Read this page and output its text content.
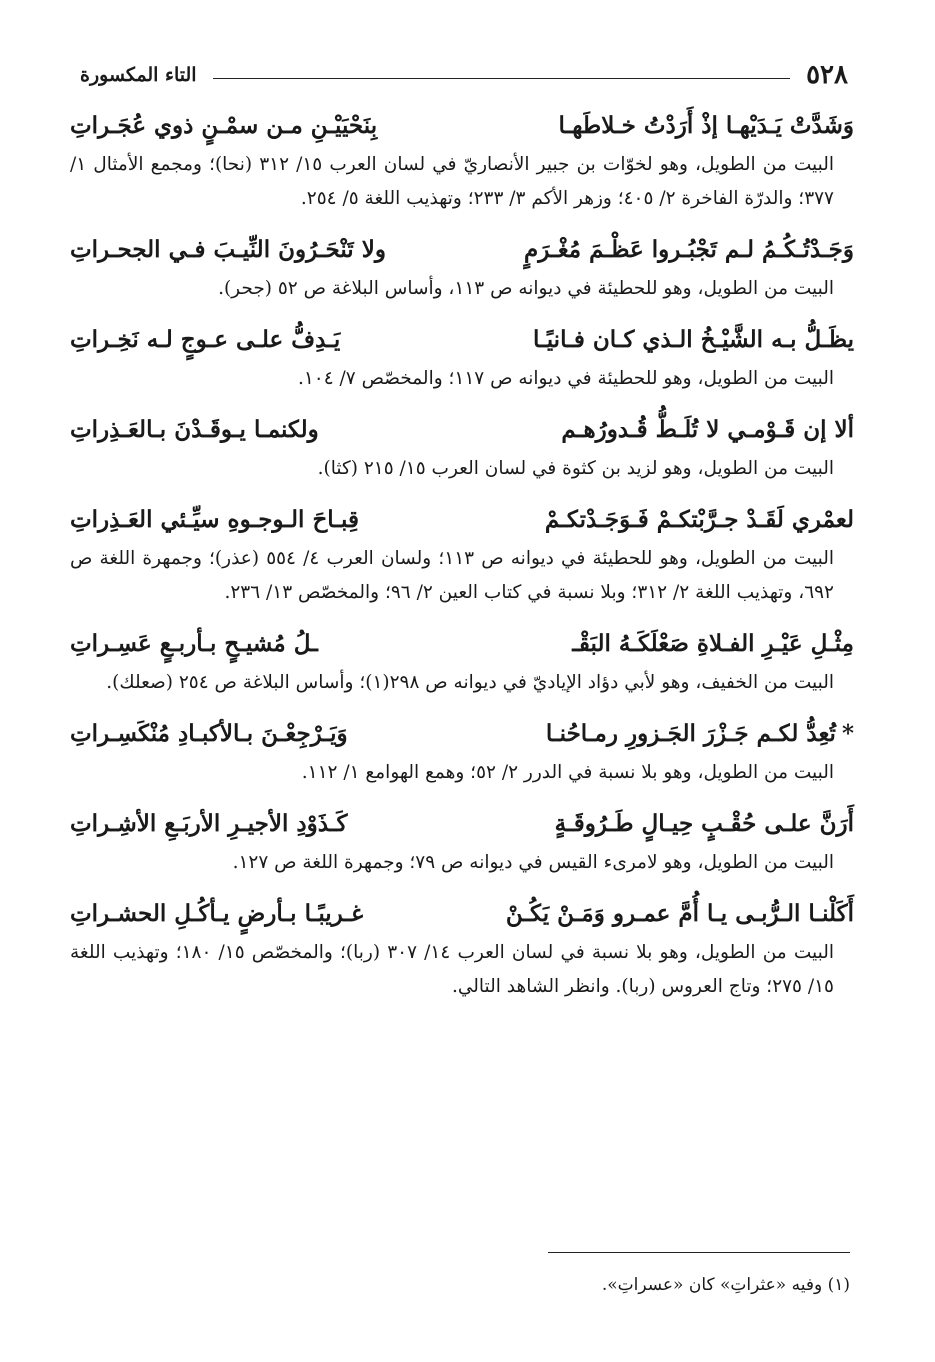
٥٢٨
التاء المكسورة
وَشَدَّتْ يَـدَيْهـا إذْ أَرَدْتُ خـلاطَهـا
بِنَحْيَيْـنِ مـن سمْـنٍ ذوي عُجَـراتِ
البيت من الطويل، وهو لخوّات بن جبير الأنصاريّ في لسان العرب ١٥/ ٣١٢ (نحا)؛ ومجمع الأمثال ١/ ٣٧٧؛ والدرّة الفاخرة ٢/ ٤٠٥؛ وزهر الأكم ٣/ ٢٣٣؛ وتهذيب اللغة ٥/ ٢٥٤.
وَجَـدْتُـكُـمُ لـم تَجْبُـروا عَظْـمَ مُغْـرَمٍ
ولا تَنْحَـرُونَ النِّيـبَ فـي الجحـراتِ
البيت من الطويل، وهو للحطيئة في ديوانه ص ١١٣، وأساس البلاغة ص ٥٢ (جحر).
يظَـلُّ بـه الشَّيْـخُ الـذي كـان فـانيًـا
يَـدِفُّ علـى عـوجٍ لـه نَخِـراتِ
البيت من الطويل، وهو للحطيئة في ديوانه ص ١١٧؛ والمخصّص ٧/ ١٠٤.
ألا إن قَـوْمـي لا تُلَـطُّ قُـدورُهـم
ولكنمـا يـوقَـدْنَ بـالعَـذِراتِ
البيت من الطويل، وهو لزيد بن كثوة في لسان العرب ١٥/ ٢١٥ (كثا).
لعمْري لَقَـدْ جـرَّبْتكـمْ فَـوَجَـدْتكـمْ
قِبـاحَ الـوجـوهِ سيِّـئي العَـذِراتِ
البيت من الطويل، وهو للحطيئة في ديوانه ص ١١٣؛ ولسان العرب ٤/ ٥٥٤ (عذر)؛ وجمهرة اللغة ص ٦٩٢، وتهذيب اللغة ٢/ ٣١٢؛ وبلا نسبة في كتاب العين ٢/ ٩٦؛ والمخصّص ١٣/ ٢٣٦.
مِثْـلِ عَيْـرِ الفـلاةِ صَعْلَكَـهُ البَقْـ
ـلُ مُشيـحٍ بـأربـعٍ عَسِـراتِ
البيت من الخفيف، وهو لأبي دؤاد الإياديّ في ديوانه ص ٢٩٨(١)؛ وأساس البلاغة ص ٢٥٤ (صعلك).
*تُعِدُّ لكـم جَـزْرَ الجَـزورِ رمـاحُنـا
وَيَـرْجِعْـنَ بـالأكبـادِ مُنْكَسِـراتِ
البيت من الطويل، وهو بلا نسبة في الدرر ٢/ ٥٢؛ وهمع الهوامع ١/ ١١٢.
أَرَنَّ علـى حُقْـبٍ حِيـالٍ طَـرُوقَـةٍ
كَـذَوْدِ الأجيـرِ الأربَـعِ الأشِـراتِ
البيت من الطويل، وهو لامرىء القيس في ديوانه ص ٧٩؛ وجمهرة اللغة ص ١٢٧.
أَكَلْنـا الـرُّبـى يـا أُمَّ عمـرو وَمَـنْ يَكُـنْ
غـريبًـا بـأرضٍ يـأكُـلِ الحشـراتِ
البيت من الطويل، وهو بلا نسبة في لسان العرب ١٤/ ٣٠٧ (ربا)؛ والمخصّص ١٥/ ١٨٠؛ وتهذيب اللغة ١٥/ ٢٧٥؛ وتاج العروس (ربا). وانظر الشاهد التالي.
(١) وفيه «عثراتِ» كان «عسراتِ».
